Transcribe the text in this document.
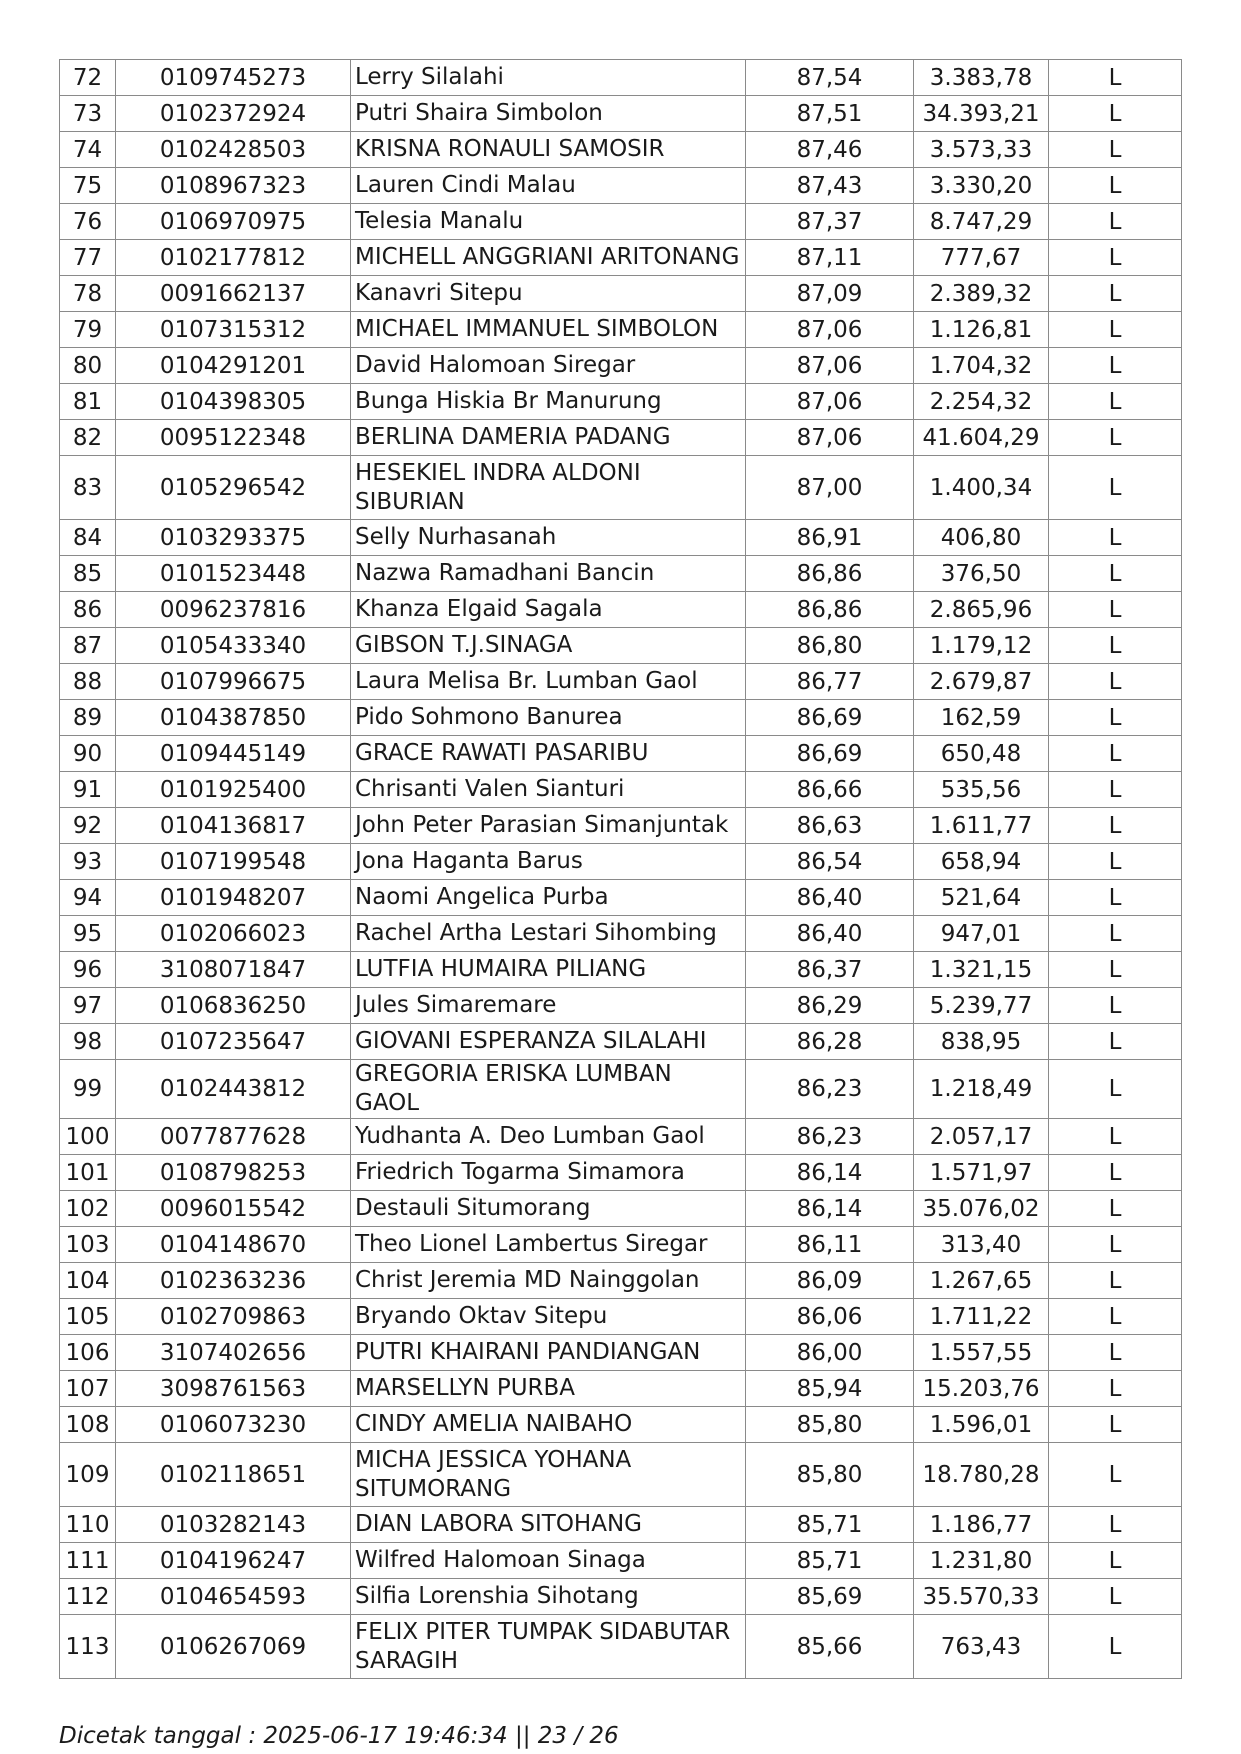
72	0109745273	Lerry Silalahi	87,54	3.383,78	L
73	0102372924	Putri Shaira Simbolon	87,51	34.393,21	L
74	0102428503	KRISNA RONAULI SAMOSIR	87,46	3.573,33	L
75	0108967323	Lauren Cindi Malau	87,43	3.330,20	L
76	0106970975	Telesia Manalu	87,37	8.747,29	L
77	0102177812	MICHELL ANGGRIANI ARITONANG	87,11	777,67	L
78	0091662137	Kanavri Sitepu	87,09	2.389,32	L
79	0107315312	MICHAEL IMMANUEL SIMBOLON	87,06	1.126,81	L
80	0104291201	David Halomoan Siregar	87,06	1.704,32	L
81	0104398305	Bunga Hiskia Br Manurung	87,06	2.254,32	L
82	0095122348	BERLINA DAMERIA PADANG	87,06	41.604,29	L
83	0105296542	HESEKIEL INDRA ALDONI SIBURIAN	87,00	1.400,34	L
84	0103293375	Selly Nurhasanah	86,91	406,80	L
85	0101523448	Nazwa Ramadhani Bancin	86,86	376,50	L
86	0096237816	Khanza Elgaid Sagala	86,86	2.865,96	L
87	0105433340	GIBSON T.J.SINAGA	86,80	1.179,12	L
88	0107996675	Laura Melisa Br. Lumban Gaol	86,77	2.679,87	L
89	0104387850	Pido Sohmono Banurea	86,69	162,59	L
90	0109445149	GRACE RAWATI PASARIBU	86,69	650,48	L
91	0101925400	Chrisanti Valen Sianturi	86,66	535,56	L
92	0104136817	John Peter Parasian Simanjuntak	86,63	1.611,77	L
93	0107199548	Jona Haganta Barus	86,54	658,94	L
94	0101948207	Naomi Angelica Purba	86,40	521,64	L
95	0102066023	Rachel Artha Lestari Sihombing	86,40	947,01	L
96	3108071847	LUTFIA HUMAIRA PILIANG	86,37	1.321,15	L
97	0106836250	Jules Simaremare	86,29	5.239,77	L
98	0107235647	GIOVANI ESPERANZA SILALAHI	86,28	838,95	L
99	0102443812	GREGORIA ERISKA LUMBAN GAOL	86,23	1.218,49	L
100	0077877628	Yudhanta A. Deo Lumban Gaol	86,23	2.057,17	L
101	0108798253	Friedrich Togarma Simamora	86,14	1.571,97	L
102	0096015542	Destauli Situmorang	86,14	35.076,02	L
103	0104148670	Theo Lionel Lambertus Siregar	86,11	313,40	L
104	0102363236	Christ Jeremia MD Nainggolan	86,09	1.267,65	L
105	0102709863	Bryando Oktav Sitepu	86,06	1.711,22	L
106	3107402656	PUTRI KHAIRANI PANDIANGAN	86,00	1.557,55	L
107	3098761563	MARSELLYN PURBA	85,94	15.203,76	L
108	0106073230	CINDY AMELIA NAIBAHO	85,80	1.596,01	L
109	0102118651	MICHA JESSICA YOHANA SITUMORANG	85,80	18.780,28	L
110	0103282143	DIAN LABORA SITOHANG	85,71	1.186,77	L
111	0104196247	Wilfred Halomoan Sinaga	85,71	1.231,80	L
112	0104654593	Silfia Lorenshia Sihotang	85,69	35.570,33	L
113	0106267069	FELIX PITER TUMPAK SIDABUTAR SARAGIH	85,66	763,43	L
Dicetak tanggal : 2025-06-17 19:46:34 || 23 / 26
